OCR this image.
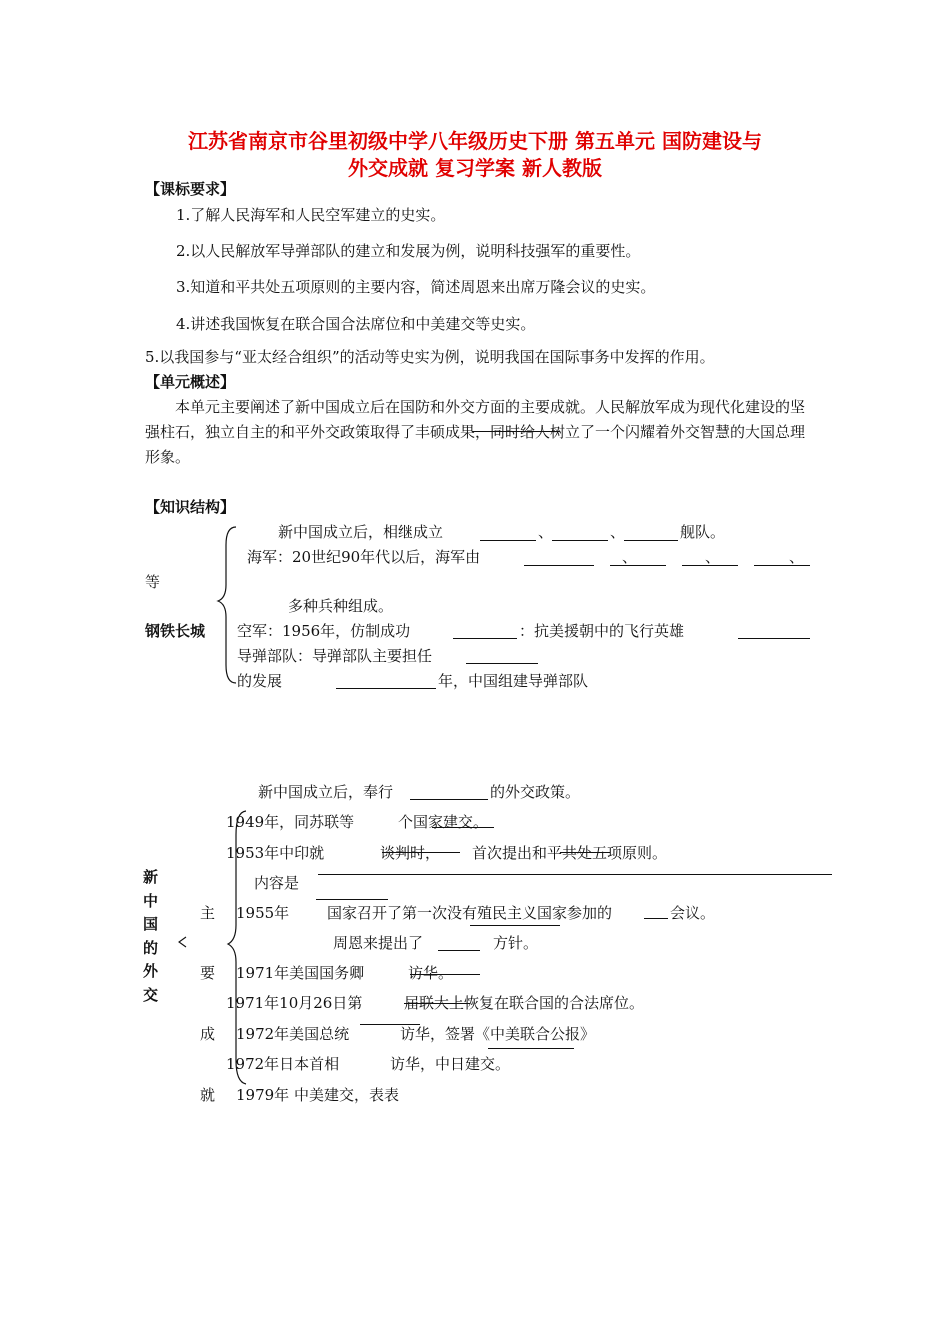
江苏省南京市谷里初级中学八年级历史下册 第五单元 国防建设与
外交成就 复习学案 新人教版
【课标要求】
1.了解人民海军和人民空军建立的史实。
2.以人民解放军导弹部队的建立和发展为例，说明科技强军的重要性。
3.知道和平共处五项原则的主要内容，简述周恩来出席万隆会议的史实。
4.讲述我国恢复在联合国合法席位和中美建交等史实。
5.以我国参与“亚太经合组织”的活动等史实为例，说明我国在国际事务中发挥的作用。
【单元概述】
本单元主要阐述了新中国成立后在国防和外交方面的主要成就。人民解放军成为现代化建设的坚强柱石，独立自主的和平外交政策取得了丰硕成果，同时给人树立了一个闪耀着外交智慧的大国总理形象。
【知识结构】
新中国成立后，相继成立	、	、	舰队。
海军：20世纪90年代以后，海军由	、	、	、
等
多种兵种组成。
钢铁长城 空军：1956年，仿制成功	：抗美援朝中的飞行英雄
导弹部队：导弹部队主要担任
的发展	年，中国组建导弹部队
新中国的外交
主
要
成
就
新中国成立后，奉行	的外交政策。
1949年，同苏联等	个国家建交。
1953年中印就	谈判时， 首次提出和平共处五项原则。
内容是
1955年	国家召开了第一次没有殖民主义国家参加的	会议。
周恩来提出了	方针。
1971年美国国务卿	访华。
1971年10月26日第	届联大上恢复在联合国的合法席位。
1972年美国总统	访华，签署《中美联合公报》
1972年日本首相	访华，中日建交。
1979年 中美建交，表表
